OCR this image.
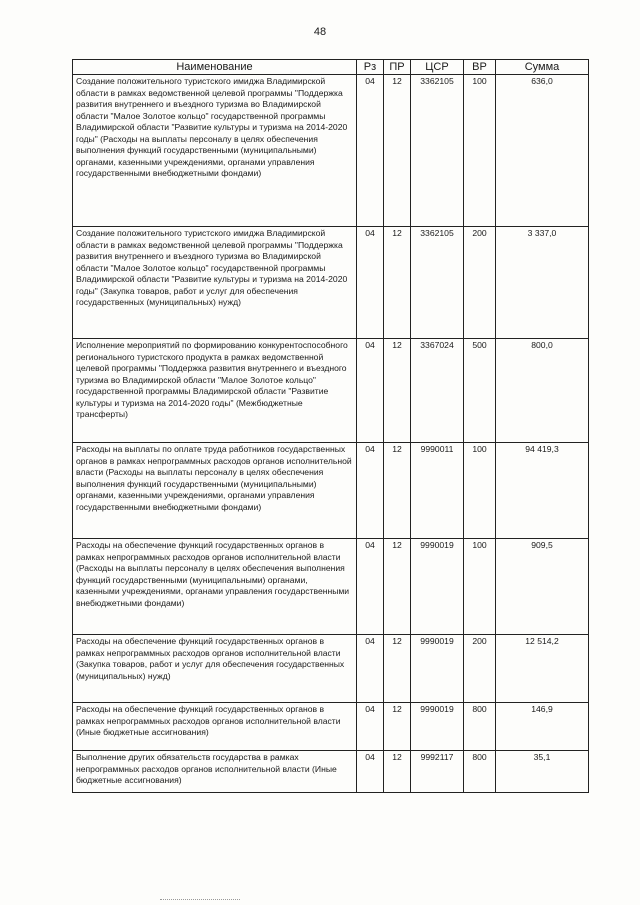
48
Наименование	Рз	ПР	ЦСР	ВР	Сумма
Создание положительного туристского имиджа Владимирской области в рамках ведомственной целевой программы "Поддержка развития внутреннего и въездного туризма во Владимирской области "Малое Золотое кольцо" государственной программы Владимирской области "Развитие культуры и туризма на 2014-2020 годы" (Расходы на выплаты персоналу в целях обеспечения выполнения функций государственными (муниципальными) органами, казенными учреждениями, органами управления государственными внебюджетными фондами)	04	12	3362105	100	636,0
Создание положительного туристского имиджа Владимирской области в рамках ведомственной целевой программы "Поддержка развития внутреннего и въездного туризма во Владимирской области "Малое Золотое кольцо" государственной программы Владимирской области "Развитие культуры и туризма на 2014-2020 годы" (Закупка товаров, работ и услуг для обеспечения государственных (муниципальных) нужд)	04	12	3362105	200	3 337,0
Исполнение мероприятий по формированию конкурентоспособного регионального туристского продукта в рамках ведомственной целевой программы "Поддержка развития внутреннего и въездного туризма во Владимирской области "Малое Золотое кольцо" государственной программы Владимирской области "Развитие культуры и туризма на 2014-2020 годы" (Межбюджетные трансферты)	04	12	3367024	500	800,0
Расходы на выплаты по оплате труда работников государственных органов в рамках непрограммных расходов органов исполнительной власти (Расходы на выплаты персоналу в целях обеспечения выполнения функций государственными (муниципальными) органами, казенными учреждениями, органами управления государственными внебюджетными фондами)	04	12	9990011	100	94 419,3
Расходы на обеспечение функций государственных органов в рамках непрограммных расходов органов исполнительной власти (Расходы на выплаты персоналу в целях обеспечения выполнения функций государственными (муниципальными) органами, казенными учреждениями, органами управления государственными внебюджетными фондами)	04	12	9990019	100	909,5
Расходы на обеспечение функций государственных органов в рамках непрограммных расходов органов исполнительной власти (Закупка товаров, работ и услуг для обеспечения государственных (муниципальных) нужд)	04	12	9990019	200	12 514,2
Расходы на обеспечение функций государственных органов в рамках непрограммных расходов органов исполнительной власти (Иные бюджетные ассигнования)	04	12	9990019	800	146,9
Выполнение других обязательств государства в рамках непрограммных расходов органов исполнительной власти (Иные бюджетные ассигнования)	04	12	9992117	800	35,1
